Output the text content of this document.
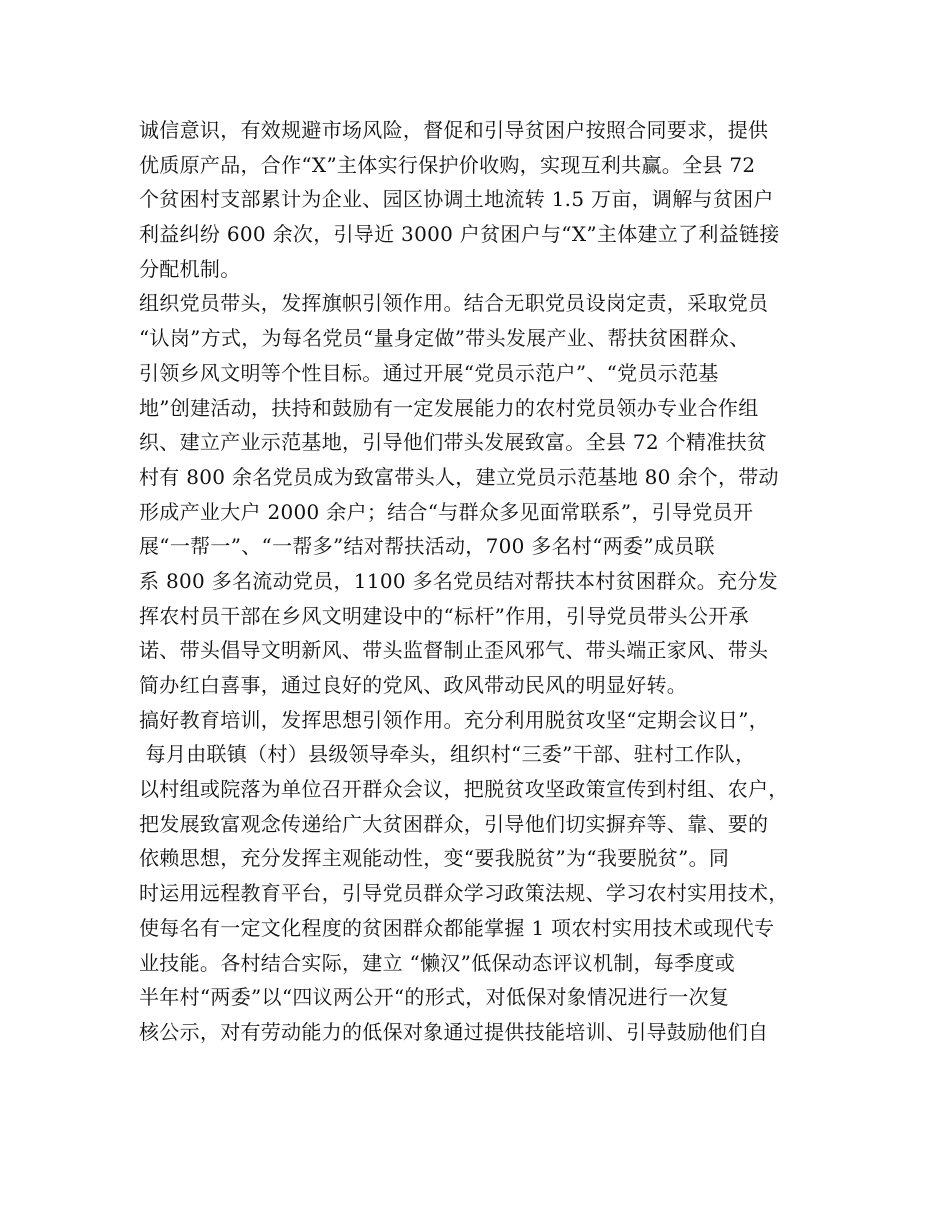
诚信意识，有效规避市场风险，督促和引导贫困户按照合同要求，提供
优质原产品，合作“X”主体实行保护价收购，实现互利共赢。全县 72
个贫困村支部累计为企业、园区协调土地流转 1.5 万亩，调解与贫困户
利益纠纷 600 余次，引导近 3000 户贫困户与“X”主体建立了利益链接
分配机制。
组织党员带头，发挥旗帜引领作用。结合无职党员设岗定责，采取党员
“认岗”方式，为每名党员“量身定做”带头发展产业、帮扶贫困群众、
引领乡风文明等个性目标。通过开展“党员示范户”、“党员示范基
地”创建活动，扶持和鼓励有一定发展能力的农村党员领办专业合作组
织、建立产业示范基地，引导他们带头发展致富。全县 72 个精准扶贫
村有 800 余名党员成为致富带头人，建立党员示范基地 80 余个，带动
形成产业大户 2000 余户；结合“与群众多见面常联系”，引导党员开
展“一帮一”、“一帮多”结对帮扶活动，700 多名村“两委”成员联
系 800 多名流动党员，1100 多名党员结对帮扶本村贫困群众。充分发
挥农村员干部在乡风文明建设中的“标杆”作用，引导党员带头公开承
诺、带头倡导文明新风、带头监督制止歪风邪气、带头端正家风、带头
简办红白喜事，通过良好的党风、政风带动民风的明显好转。
搞好教育培训，发挥思想引领作用。充分利用脱贫攻坚“定期会议日”，
每月由联镇（村）县级领导牵头，组织村“三委”干部、驻村工作队，
以村组或院落为单位召开群众会议，把脱贫攻坚政策宣传到村组、农户，
把发展致富观念传递给广大贫困群众，引导他们切实摒弃等、靠、要的
依赖思想，充分发挥主观能动性，变“要我脱贫”为“我要脱贫”。同
时运用远程教育平台，引导党员群众学习政策法规、学习农村实用技术，
使每名有一定文化程度的贫困群众都能掌握 1 项农村实用技术或现代专
业技能。各村结合实际，建立 “懒汉”低保动态评议机制，每季度或
半年村“两委”以“四议两公开“的形式，对低保对象情况进行一次复
核公示，对有劳动能力的低保对象通过提供技能培训、引导鼓励他们自
